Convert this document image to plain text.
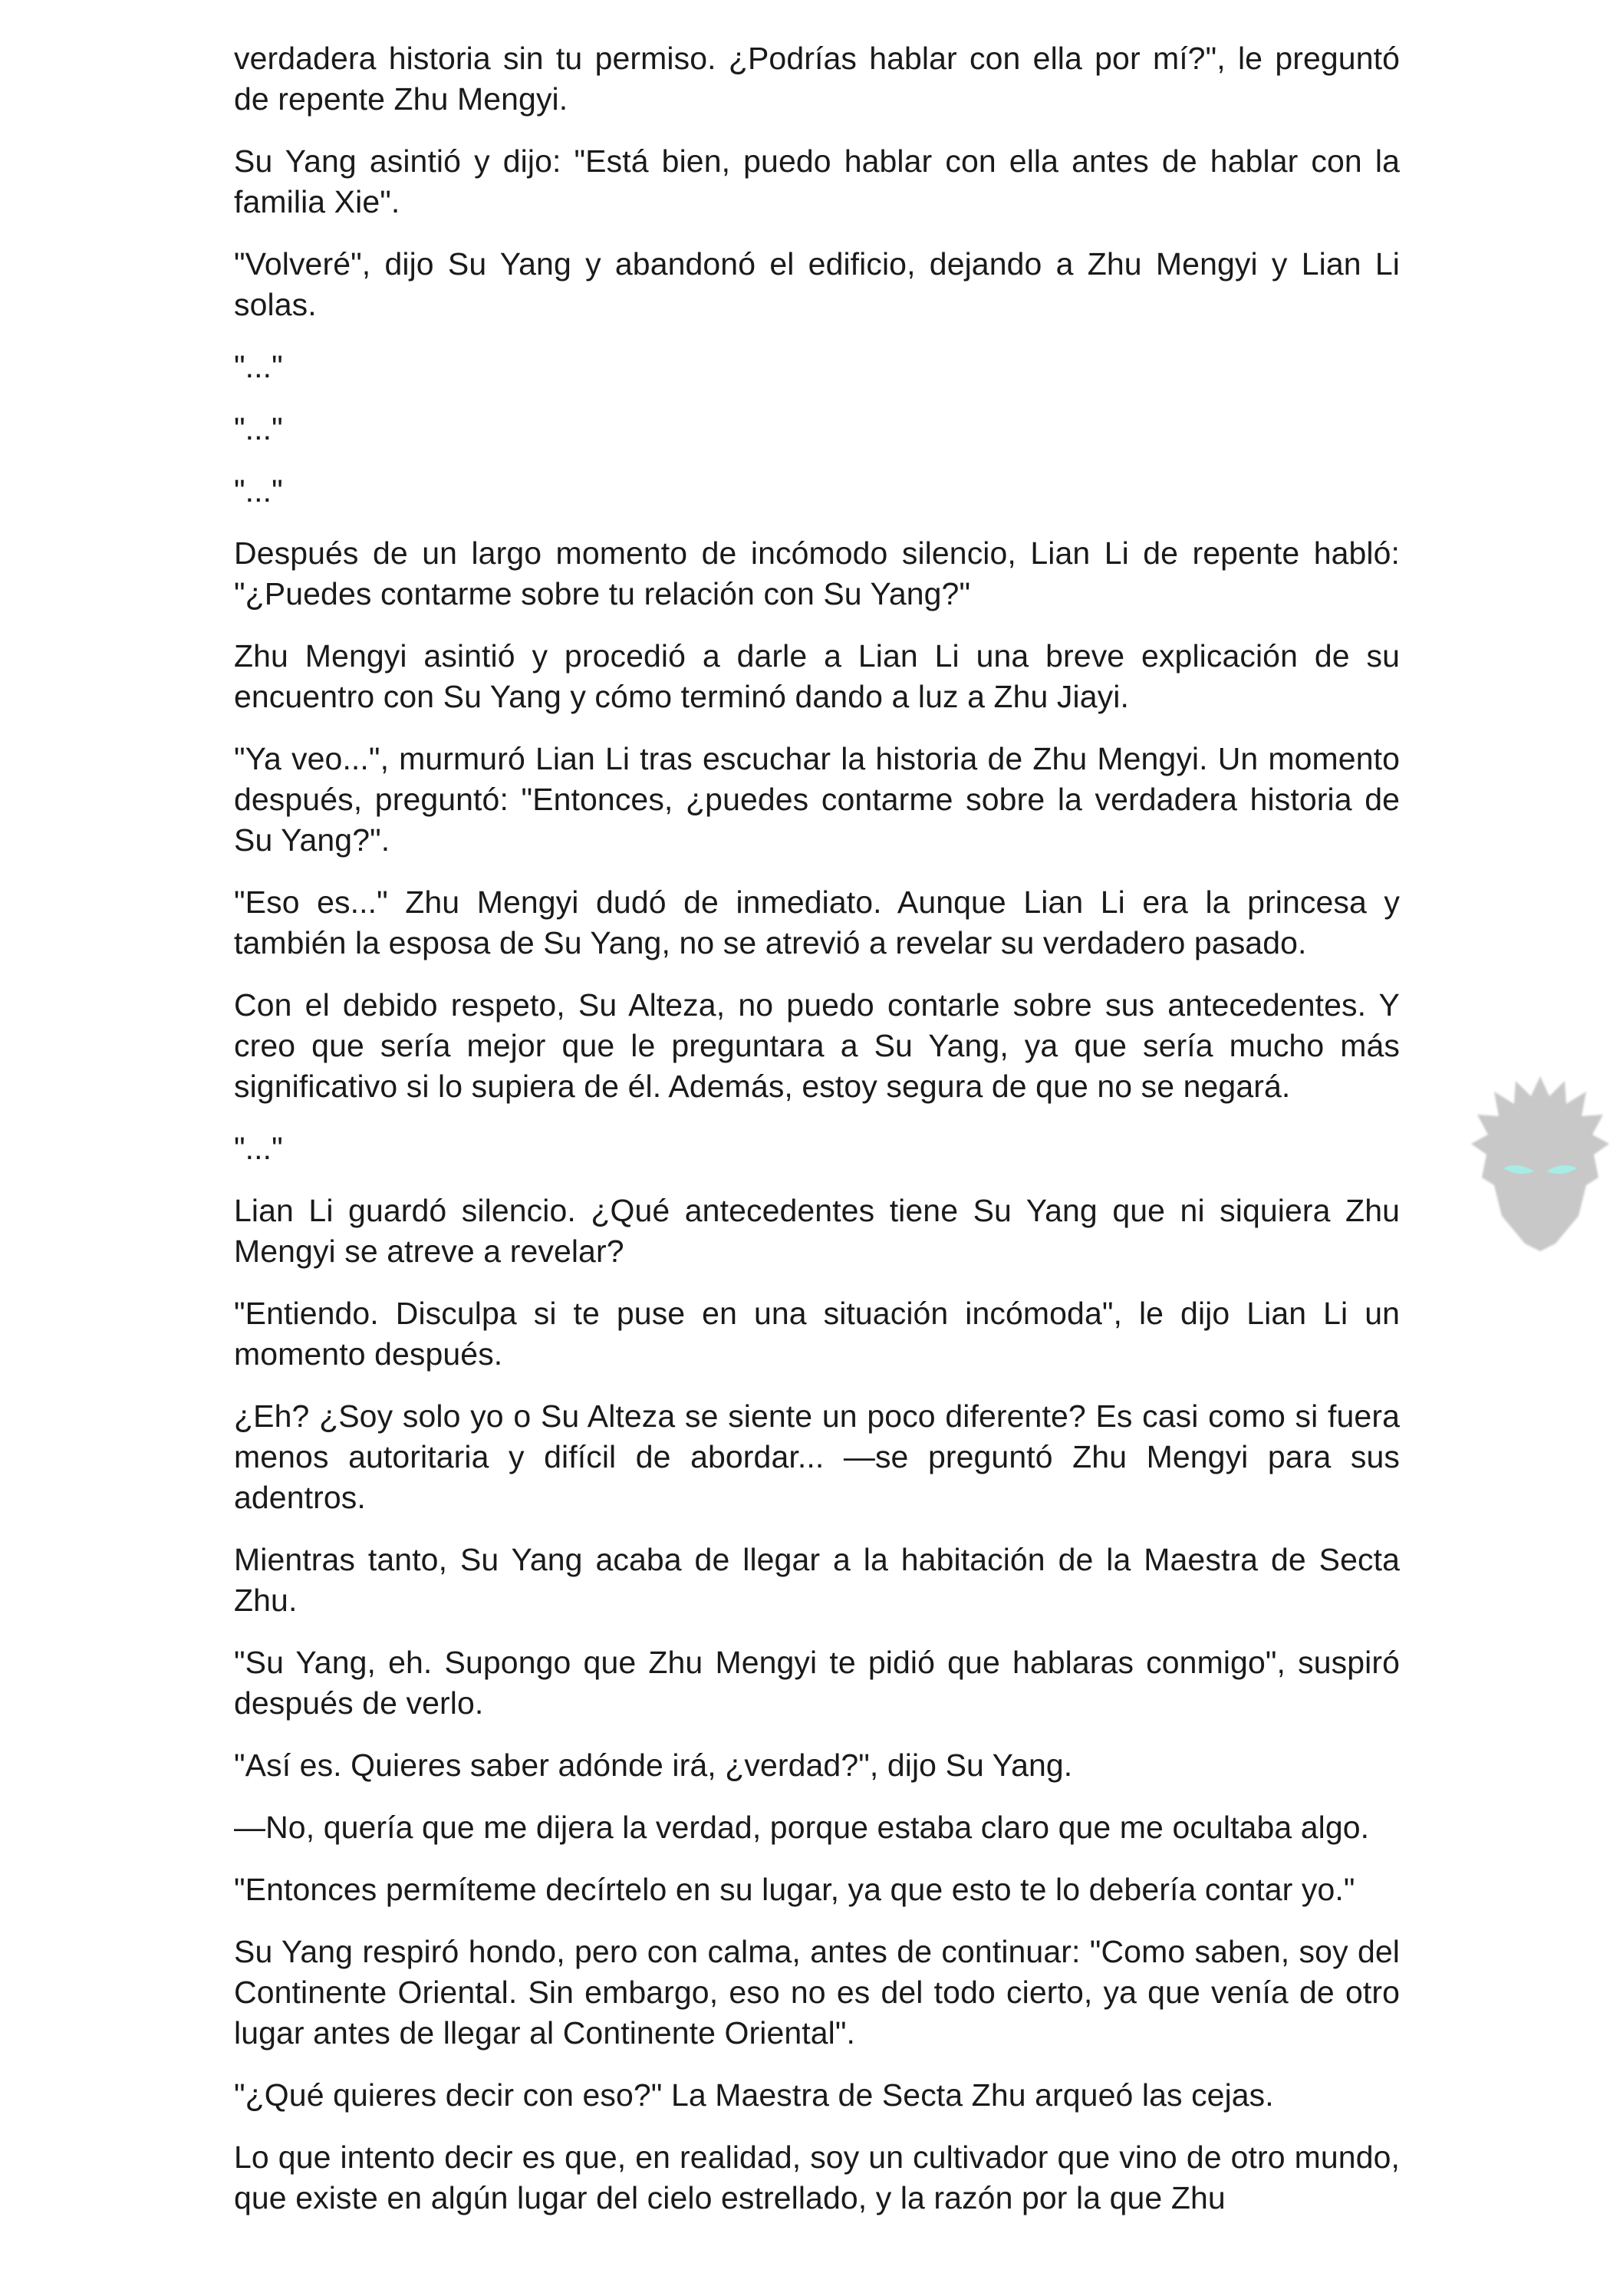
verdadera historia sin tu permiso. ¿Podrías hablar con ella por mí?", le preguntó de repente Zhu Mengyi.

Su Yang asintió y dijo: "Está bien, puedo hablar con ella antes de hablar con la familia Xie".

"Volveré", dijo Su Yang y abandonó el edificio, dejando a Zhu Mengyi y Lian Li solas.

"..."

"..."

"..."

Después de un largo momento de incómodo silencio, Lian Li de repente habló: "¿Puedes contarme sobre tu relación con Su Yang?"

Zhu Mengyi asintió y procedió a darle a Lian Li una breve explicación de su encuentro con Su Yang y cómo terminó dando a luz a Zhu Jiayi.

"Ya veo...", murmuró Lian Li tras escuchar la historia de Zhu Mengyi. Un momento después, preguntó: "Entonces, ¿puedes contarme sobre la verdadera historia de Su Yang?".

"Eso es..." Zhu Mengyi dudó de inmediato. Aunque Lian Li era la princesa y también la esposa de Su Yang, no se atrevió a revelar su verdadero pasado.

Con el debido respeto, Su Alteza, no puedo contarle sobre sus antecedentes. Y creo que sería mejor que le preguntara a Su Yang, ya que sería mucho más significativo si lo supiera de él. Además, estoy segura de que no se negará.

"..."

Lian Li guardó silencio. ¿Qué antecedentes tiene Su Yang que ni siquiera Zhu Mengyi se atreve a revelar?

"Entiendo. Disculpa si te puse en una situación incómoda", le dijo Lian Li un momento después.

¿Eh? ¿Soy solo yo o Su Alteza se siente un poco diferente? Es casi como si fuera menos autoritaria y difícil de abordar... —se preguntó Zhu Mengyi para sus adentros.

Mientras tanto, Su Yang acaba de llegar a la habitación de la Maestra de Secta Zhu.

"Su Yang, eh. Supongo que Zhu Mengyi te pidió que hablaras conmigo", suspiró después de verlo.

"Así es. Quieres saber adónde irá, ¿verdad?", dijo Su Yang.

—No, quería que me dijera la verdad, porque estaba claro que me ocultaba algo.

"Entonces permíteme decírtelo en su lugar, ya que esto te lo debería contar yo."

Su Yang respiró hondo, pero con calma, antes de continuar: "Como saben, soy del Continente Oriental. Sin embargo, eso no es del todo cierto, ya que venía de otro lugar antes de llegar al Continente Oriental".

"¿Qué quieres decir con eso?" La Maestra de Secta Zhu arqueó las cejas.

Lo que intento decir es que, en realidad, soy un cultivador que vino de otro mundo, que existe en algún lugar del cielo estrellado, y la razón por la que Zhu
